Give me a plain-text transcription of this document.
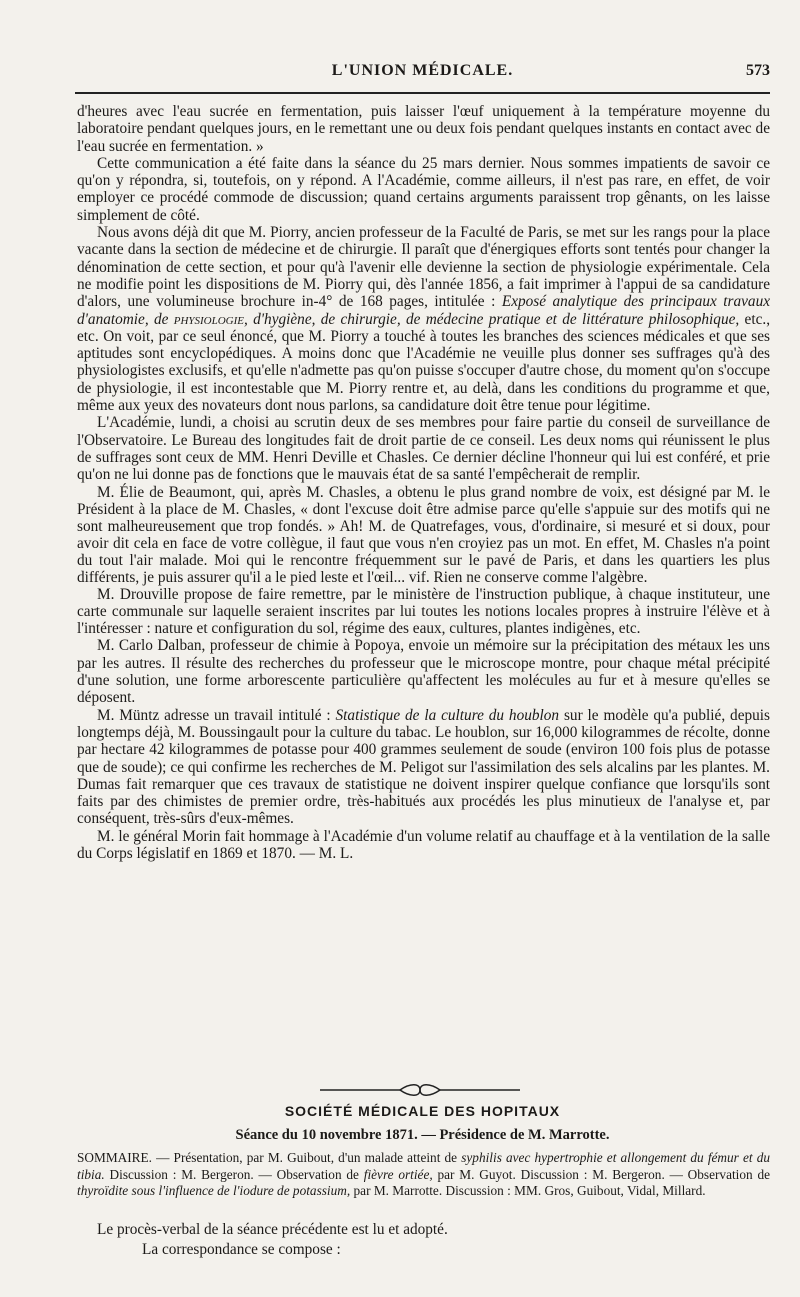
L'UNION MÉDICALE.	573

d'heures avec l'eau sucrée en fermentation, puis laisser l'œuf uniquement à la température moyenne du laboratoire pendant quelques jours, en le remettant une ou deux fois pendant quelques instants en contact avec de l'eau sucrée en fermentation. »

Cette communication a été faite dans la séance du 25 mars dernier. Nous sommes impatients de savoir ce qu'on y répondra, si, toutefois, on y répond. A l'Académie, comme ailleurs, il n'est pas rare, en effet, de voir employer ce procédé commode de discussion; quand certains arguments paraissent trop gênants, on les laisse simplement de côté.

Nous avons déjà dit que M. Piorry, ancien professeur de la Faculté de Paris, se met sur les rangs pour la place vacante dans la section de médecine et de chirurgie. Il paraît que d'énergiques efforts sont tentés pour changer la dénomination de cette section, et pour qu'à l'avenir elle devienne la section de physiologie expérimentale. Cela ne modifie point les dispositions de M. Piorry qui, dès l'année 1856, a fait imprimer à l'appui de sa candidature d'alors, une volumineuse brochure in-4° de 168 pages, intitulée : Exposé analytique des principaux travaux d'anatomie, de physiologie, d'hygiène, de chirurgie, de médecine pratique et de littérature philosophique, etc., etc. On voit, par ce seul énoncé, que M. Piorry a touché à toutes les branches des sciences médicales et que ses aptitudes sont encyclopédiques. A moins donc que l'Académie ne veuille plus donner ses suffrages qu'à des physiologistes exclusifs, et qu'elle n'admette pas qu'on puisse s'occuper d'autre chose, du moment qu'on s'occupe de physiologie, il est incontestable que M. Piorry rentre et, au delà, dans les conditions du programme et que, même aux yeux des novateurs dont nous parlons, sa candidature doit être tenue pour légitime.

L'Académie, lundi, a choisi au scrutin deux de ses membres pour faire partie du conseil de surveillance de l'Observatoire. Le Bureau des longitudes fait de droit partie de ce conseil. Les deux noms qui réunissent le plus de suffrages sont ceux de MM. Henri Deville et Chasles. Ce dernier décline l'honneur qui lui est conféré, et prie qu'on ne lui donne pas de fonctions que le mauvais état de sa santé l'empêcherait de remplir.

M. Élie de Beaumont, qui, après M. Chasles, a obtenu le plus grand nombre de voix, est désigné par M. le Président à la place de M. Chasles, « dont l'excuse doit être admise parce qu'elle s'appuie sur des motifs qui ne sont malheureusement que trop fondés. » Ah! M. de Quatrefages, vous, d'ordinaire, si mesuré et si doux, pour avoir dit cela en face de votre collègue, il faut que vous n'en croyiez pas un mot. En effet, M. Chasles n'a point du tout l'air malade. Moi qui le rencontre fréquemment sur le pavé de Paris, et dans les quartiers les plus différents, je puis assurer qu'il a le pied leste et l'œil... vif. Rien ne conserve comme l'algèbre.

M. Drouville propose de faire remettre, par le ministère de l'instruction publique, à chaque instituteur, une carte communale sur laquelle seraient inscrites par lui toutes les notions locales propres à instruire l'élève et à l'intéresser : nature et configuration du sol, régime des eaux, cultures, plantes indigènes, etc.

M. Carlo Dalban, professeur de chimie à Popoya, envoie un mémoire sur la précipitation des métaux les uns par les autres. Il résulte des recherches du professeur que le microscope montre, pour chaque métal précipité d'une solution, une forme arborescente particulière qu'affectent les molécules au fur et à mesure qu'elles se déposent.

M. Müntz adresse un travail intitulé : Statistique de la culture du houblon sur le modèle qu'a publié, depuis longtemps déjà, M. Boussingault pour la culture du tabac. Le houblon, sur 16,000 kilogrammes de récolte, donne par hectare 42 kilogrammes de potasse pour 400 grammes seulement de soude (environ 100 fois plus de potasse que de soude); ce qui confirme les recherches de M. Peligot sur l'assimilation des sels alcalins par les plantes. M. Dumas fait remarquer que ces travaux de statistique ne doivent inspirer quelque confiance que lorsqu'ils sont faits par des chimistes de premier ordre, très-habitués aux procédés les plus minutieux de l'analyse et, par conséquent, très-sûrs d'eux-mêmes.

M. le général Morin fait hommage à l'Académie d'un volume relatif au chauffage et à la ventilation de la salle du Corps législatif en 1869 et 1870. — M. L.

SOCIÉTÉ MÉDICALE DES HOPITAUX
Séance du 10 novembre 1871. — Présidence de M. Marrotte.
SOMMAIRE. — Présentation, par M. Guibout, d'un malade atteint de syphilis avec hypertrophie et allongement du fémur et du tibia. Discussion : M. Bergeron. — Observation de fièvre ortiée, par M. Guyot. Discussion : M. Bergeron. — Observation de thyroïdite sous l'influence de l'iodure de potassium, par M. Marrotte. Discussion : MM. Gros, Guibout, Vidal, Millard.

Le procès-verbal de la séance précédente est lu et adopté.

La correspondance se compose :
